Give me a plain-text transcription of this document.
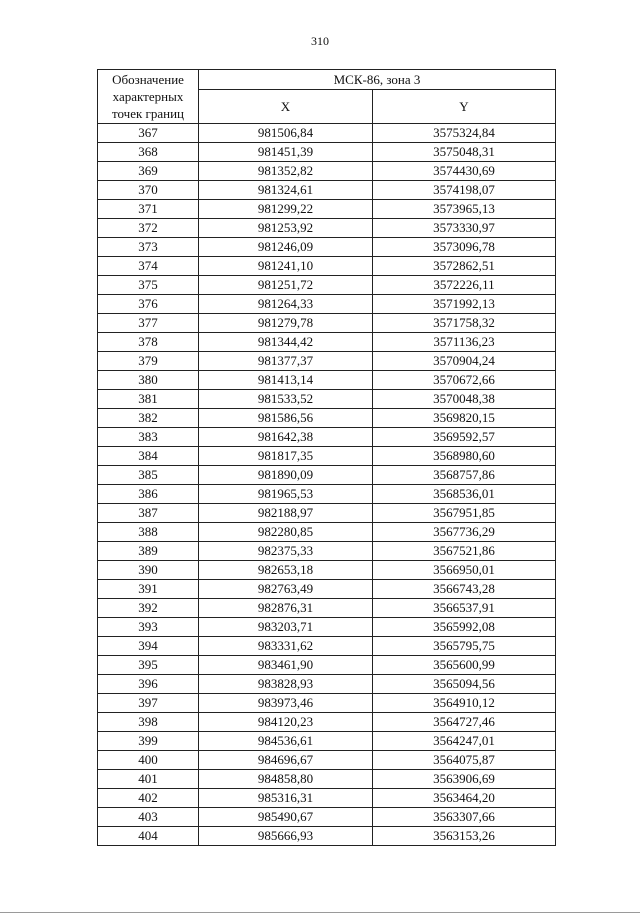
310
Обозначение характерных точек границ	МСК-86, зона 3	
	X	Y
367	981506,84	3575324,84
368	981451,39	3575048,31
369	981352,82	3574430,69
370	981324,61	3574198,07
371	981299,22	3573965,13
372	981253,92	3573330,97
373	981246,09	3573096,78
374	981241,10	3572862,51
375	981251,72	3572226,11
376	981264,33	3571992,13
377	981279,78	3571758,32
378	981344,42	3571136,23
379	981377,37	3570904,24
380	981413,14	3570672,66
381	981533,52	3570048,38
382	981586,56	3569820,15
383	981642,38	3569592,57
384	981817,35	3568980,60
385	981890,09	3568757,86
386	981965,53	3568536,01
387	982188,97	3567951,85
388	982280,85	3567736,29
389	982375,33	3567521,86
390	982653,18	3566950,01
391	982763,49	3566743,28
392	982876,31	3566537,91
393	983203,71	3565992,08
394	983331,62	3565795,75
395	983461,90	3565600,99
396	983828,93	3565094,56
397	983973,46	3564910,12
398	984120,23	3564727,46
399	984536,61	3564247,01
400	984696,67	3564075,87
401	984858,80	3563906,69
402	985316,31	3563464,20
403	985490,67	3563307,66
404	985666,93	3563153,26
